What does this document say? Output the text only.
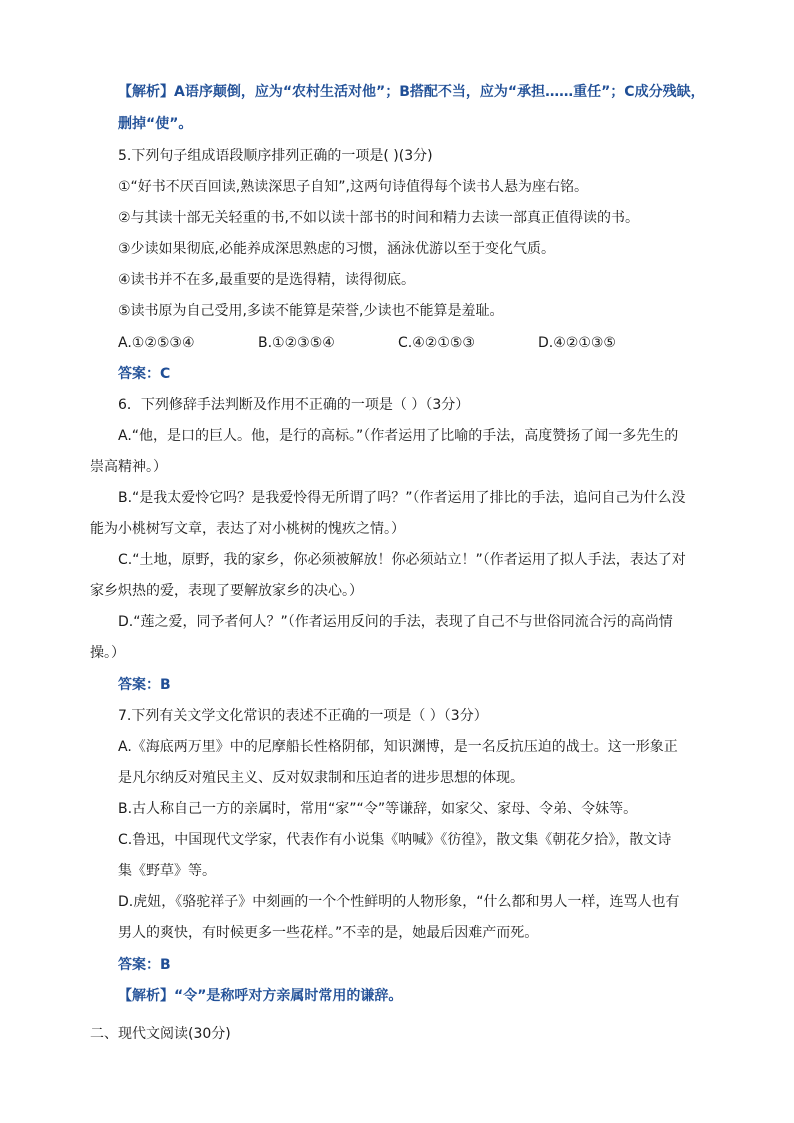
【解析】A语序颠倒，应为“农村生活对他”；B搭配不当，应为“承担……重任”；C成分残缺，
删掉“使”。
5.下列句子组成语段顺序排列正确的一项是( )(3分)
①“好书不厌百回读,熟读深思子自知”,这两句诗值得每个读书人悬为座右铭。
②与其读十部无关轻重的书,不如以读十部书的时间和精力去读一部真正值得读的书。
③少读如果彻底,必能养成深思熟虑的习惯，涵泳优游以至于变化气质。
④读书并不在多,最重要的是选得精，读得彻底。
⑤读书原为自己受用,多读不能算是荣誉,少读也不能算是羞耻。
A.①②⑤③④	B.①②③⑤④	C.④②①⑤③	D.④②①③⑤
答案：C
6．下列修辞手法判断及作用不正确的一项是（ ）（3分）
A.“他，是口的巨人。他，是行的高标。”（作者运用了比喻的手法，高度赞扬了闻一多先生的
崇高精神。）
B.“是我太爱怜它吗？是我爱怜得无所谓了吗？”（作者运用了排比的手法，追问自己为什么没
能为小桃树写文章，表达了对小桃树的愧疚之情。）
C.“土地，原野，我的家乡，你必须被解放！你必须站立！”（作者运用了拟人手法，表达了对
家乡炽热的爱，表现了要解放家乡的决心。）
D.“莲之爱，同予者何人？”（作者运用反问的手法，表现了自己不与世俗同流合污的高尚情
操。）
答案：B
7.下列有关文学文化常识的表述不正确的一项是（ ）（3分）
A.《海底两万里》中的尼摩船长性格阴郁，知识渊博，是一名反抗压迫的战士。这一形象正
是凡尔纳反对殖民主义、反对奴隶制和压迫者的进步思想的体现。
B.古人称自己一方的亲属时，常用“家”“令”等谦辞，如家父、家母、令弟、令妹等。
C.鲁迅，中国现代文学家，代表作有小说集《呐喊》《彷徨》，散文集《朝花夕拾》，散文诗
集《野草》等。
D.虎妞，《骆驼祥子》中刻画的一个个性鲜明的人物形象，“什么都和男人一样，连骂人也有
男人的爽快，有时候更多一些花样。”不幸的是，她最后因难产而死。
答案：B
【解析】“令”是称呼对方亲属时常用的谦辞。
二、现代文阅读(30分)
